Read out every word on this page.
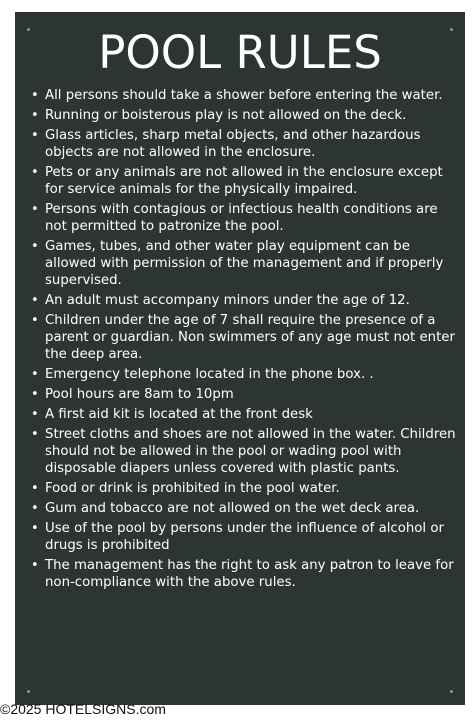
POOL RULES
• All persons should take a shower before entering the water.
• Running or boisterous play is not allowed on the deck.
• Glass articles, sharp metal objects, and other hazardous objects are not allowed in the enclosure.
• Pets or any animals are not allowed in the enclosure except for service animals for the physically impaired.
• Persons with contagious or infectious health conditions are not permitted to patronize the pool.
• Games, tubes, and other water play equipment can be allowed with permission of the management and if properly supervised.
• An adult must accompany minors under the age of 12.
• Children under the age of 7 shall require the presence of a parent or guardian. Non swimmers of any age must not enter the deep area.
• Emergency telephone located in the phone box. .
• Pool hours are 8am to 10pm
• A first aid kit is located at the front desk
• Street cloths and shoes are not allowed in the water. Children should not be allowed in the pool or wading pool with disposable diapers unless covered with plastic pants.
• Food or drink is prohibited in the pool water.
• Gum and tobacco are not allowed on the wet deck area.
• Use of the pool by persons under the influence of alcohol or drugs is prohibited
• The management has the right to ask any patron to leave for non-compliance with the above rules.
©2025 HOTELSIGNS.com
